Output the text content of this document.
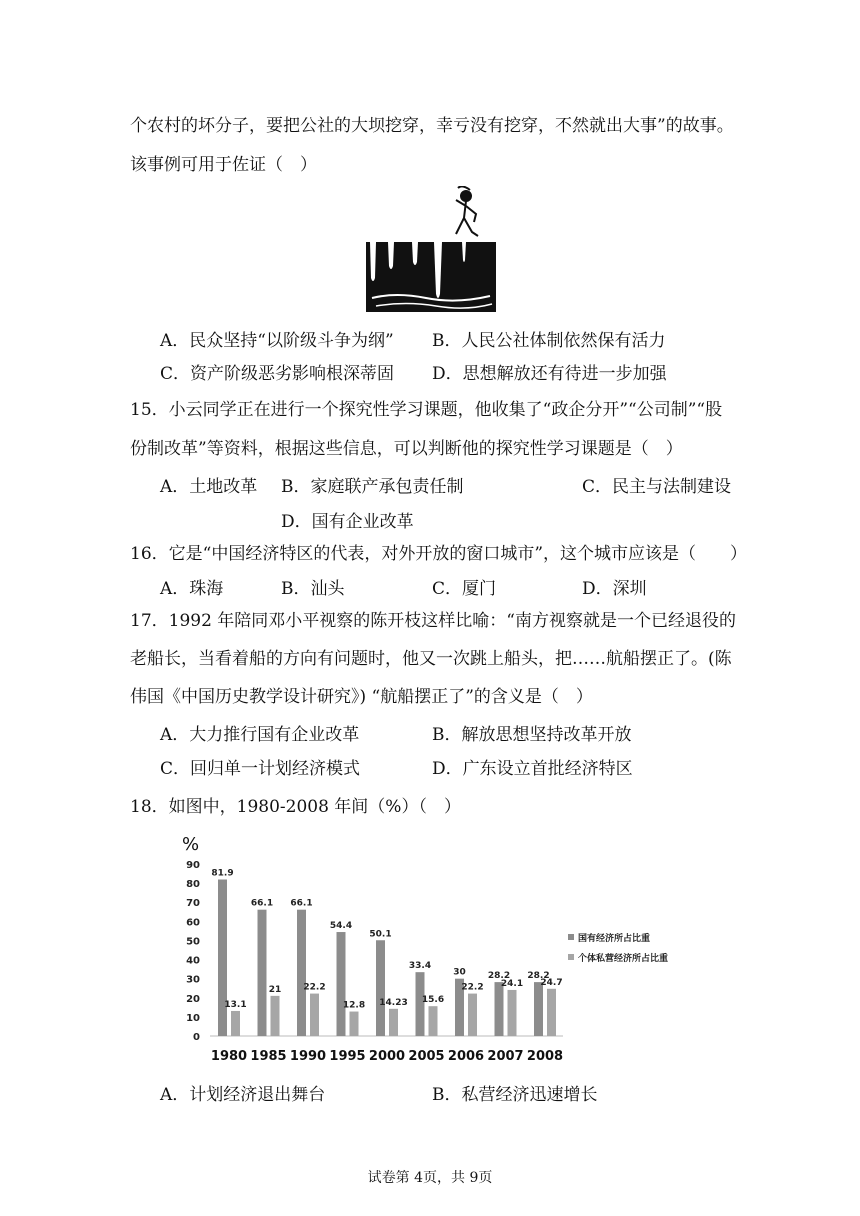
个农村的坏分子，要把公社的大坝挖穿，幸亏没有挖穿，不然就出大事”的故事。
该事例可用于佐证（　）
A．民众坚持“以阶级斗争为纲” B．人民公社体制依然保有活力
C．资产阶级恶劣影响根深蒂固 D．思想解放还有待进一步加强
15．小云同学正在进行一个探究性学习课题，他收集了“政企分开”“公司制”“股
份制改革”等资料，根据这些信息，可以判断他的探究性学习课题是（　）
A．土地改革 B．家庭联产承包责任制	C．民主与法制建设
D．国有企业改革
16．它是“中国经济特区的代表，对外开放的窗口城市”，这个城市应该是（　　）
A．珠海	B．汕头	C．厦门	D．深圳
17．1992 年陪同邓小平视察的陈开枝这样比喻：“南方视察就是一个已经退役的
老船长，当看着船的方向有问题时，他又一次跳上船头，把……航船摆正了。(陈
伟国《中国历史教学设计研究》) “航船摆正了”的含义是（　）
A．大力推行国有企业改革	B．解放思想坚持改革开放
C．回归单一计划经济模式	D．广东设立首批经济特区
18．如图中，1980-2008 年间（%）（　）
%
0
10
20
30
40
50
60
70
80
90
81.9
13.1
1980
66.1
21
1985
66.1
22.2
1990
54.4
12.8
1995
50.1
14.23
2000
33.4
15.6
2005
30
22.2
2006
28.2
24.1
2007
28.2
24.7
2008
国有经济所占比重
个体私营经济所占比重
A．计划经济退出舞台	B．私营经济迅速增长
试卷第 4页，共 9页
